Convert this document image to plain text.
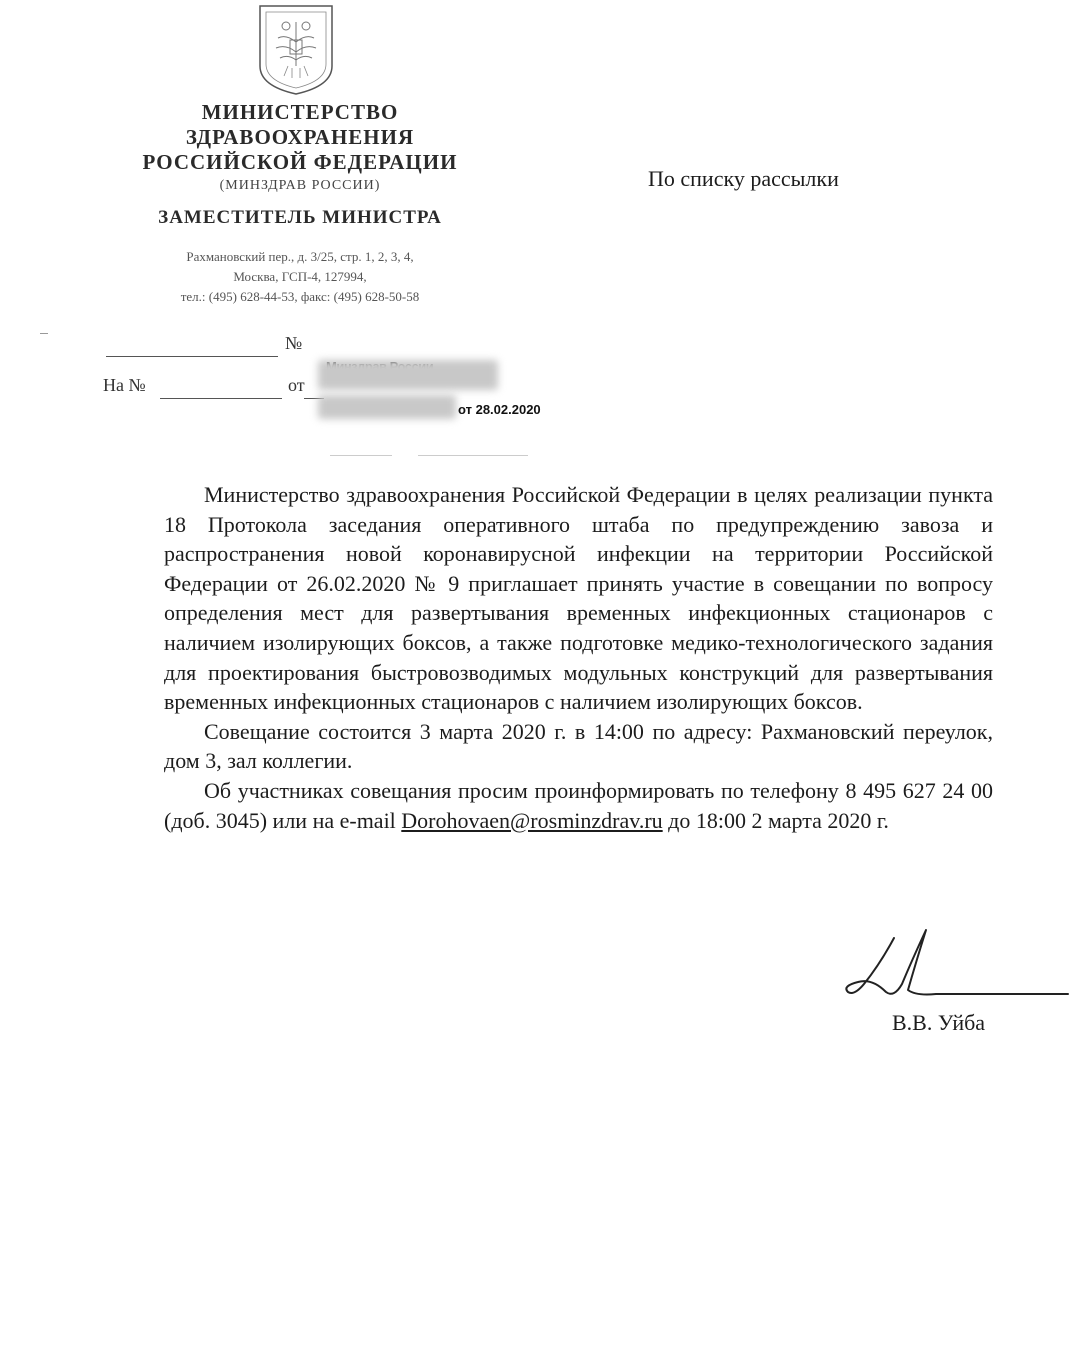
МИНИСТЕРСТВО

ЗДРАВООХРАНЕНИЯ

РОССИЙСКОЙ ФЕДЕРАЦИИ

(МИНЗДРАВ РОССИИ)

ЗАМЕСТИТЕЛЬ МИНИСТРА

Рахмановский пер., д. 3/25, стр. 1, 2, 3, 4,

Москва, ГСП-4, 127994,

тел.: (495) 628-44-53, факс: (495) 628-50-58

По списку рассылки
№
На №	от
от 28.02.2020

Министерство здравоохранения Российской Федерации в целях реализации пункта 18 Протокола заседания оперативного штаба по предупреждению завоза и распространения новой коронавирусной инфекции на территории Российской Федерации от 26.02.2020 № 9 приглашает принять участие в совещании по вопросу определения мест для развертывания временных инфекционных стационаров с наличием изолирующих боксов, а также подготовке медико-технологического задания для проектирования быстровозводимых модульных конструкций для развертывания временных инфекционных стационаров с наличием изолирующих боксов.

Совещание состоится 3 марта 2020 г. в 14:00 по адресу: Рахмановский переулок, дом 3, зал коллегии.

Об участниках совещания просим проинформировать по телефону 8 495 627 24 00 (доб. 3045) или на e-mail Dorohovaen@rosminzdrav.ru до 18:00 2 марта 2020 г.

В.В. Уйба
